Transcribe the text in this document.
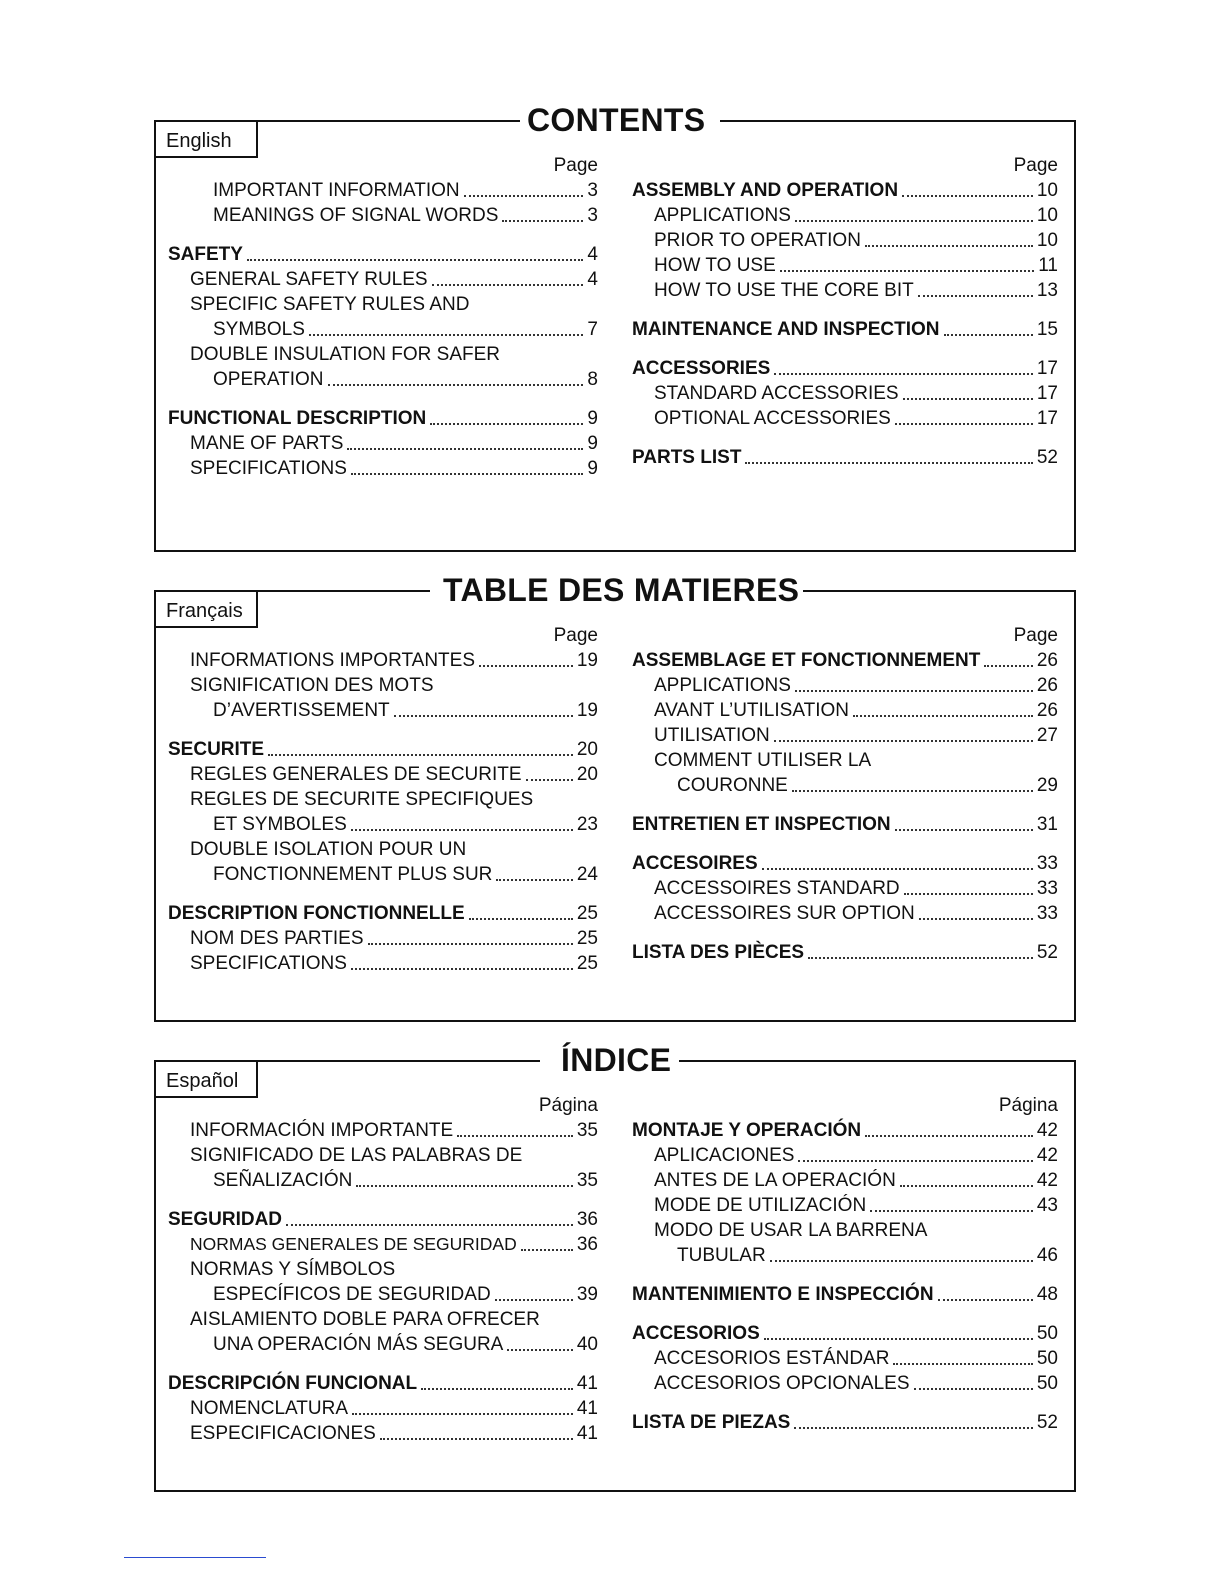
CONTENTS
English
Page
IMPORTANT INFORMATION	3
MEANINGS OF SIGNAL WORDS	3
SAFETY	4
GENERAL SAFETY RULES	4
SPECIFIC SAFETY RULES AND
SYMBOLS	7
DOUBLE INSULATION FOR SAFER
OPERATION	8
FUNCTIONAL DESCRIPTION	9
MANE OF PARTS	9
SPECIFICATIONS	9
Page
ASSEMBLY AND OPERATION	10
APPLICATIONS	10
PRIOR TO OPERATION	10
HOW TO USE	11
HOW TO USE THE CORE BIT	13
MAINTENANCE AND INSPECTION	15
ACCESSORIES	17
STANDARD ACCESSORIES	17
OPTIONAL ACCESSORIES	17
PARTS LIST	52
TABLE DES MATIERES
Français
Page
INFORMATIONS IMPORTANTES	19
SIGNIFICATION DES MOTS
D’AVERTISSEMENT	19
SECURITE	20
REGLES GENERALES DE SECURITE	20
REGLES DE SECURITE SPECIFIQUES
ET SYMBOLES	23
DOUBLE ISOLATION POUR UN
FONCTIONNEMENT PLUS SUR	24
DESCRIPTION FONCTIONNELLE	25
NOM DES PARTIES	25
SPECIFICATIONS	25
Page
ASSEMBLAGE ET FONCTIONNEMENT	26
APPLICATIONS	26
AVANT L’UTILISATION	26
UTILISATION	27
COMMENT UTILISER LA
COURONNE	29
ENTRETIEN ET INSPECTION	31
ACCESOIRES	33
ACCESSOIRES STANDARD	33
ACCESSOIRES SUR OPTION	33
LISTA DES PIÈCES	52
ÍNDICE
Español
Página
INFORMACIÓN IMPORTANTE	35
SIGNIFICADO DE LAS PALABRAS DE
SEÑALIZACIÓN	35
SEGURIDAD	36
NORMAS GENERALES DE SEGURIDAD	36
NORMAS Y SÍMBOLOS
ESPECÍFICOS DE SEGURIDAD	39
AISLAMIENTO DOBLE PARA OFRECER
UNA OPERACIÓN MÁS SEGURA	40
DESCRIPCIÓN FUNCIONAL	41
NOMENCLATURA	41
ESPECIFICACIONES	41
Página
MONTAJE Y OPERACIÓN	42
APLICACIONES	42
ANTES DE LA OPERACIÓN	42
MODE DE UTILIZACIÓN	43
MODO DE USAR LA BARRENA
TUBULAR	46
MANTENIMIENTO E INSPECCIÓN	48
ACCESORIOS	50
ACCESORIOS ESTÁNDAR	50
ACCESORIOS OPCIONALES	50
LISTA DE PIEZAS	52
